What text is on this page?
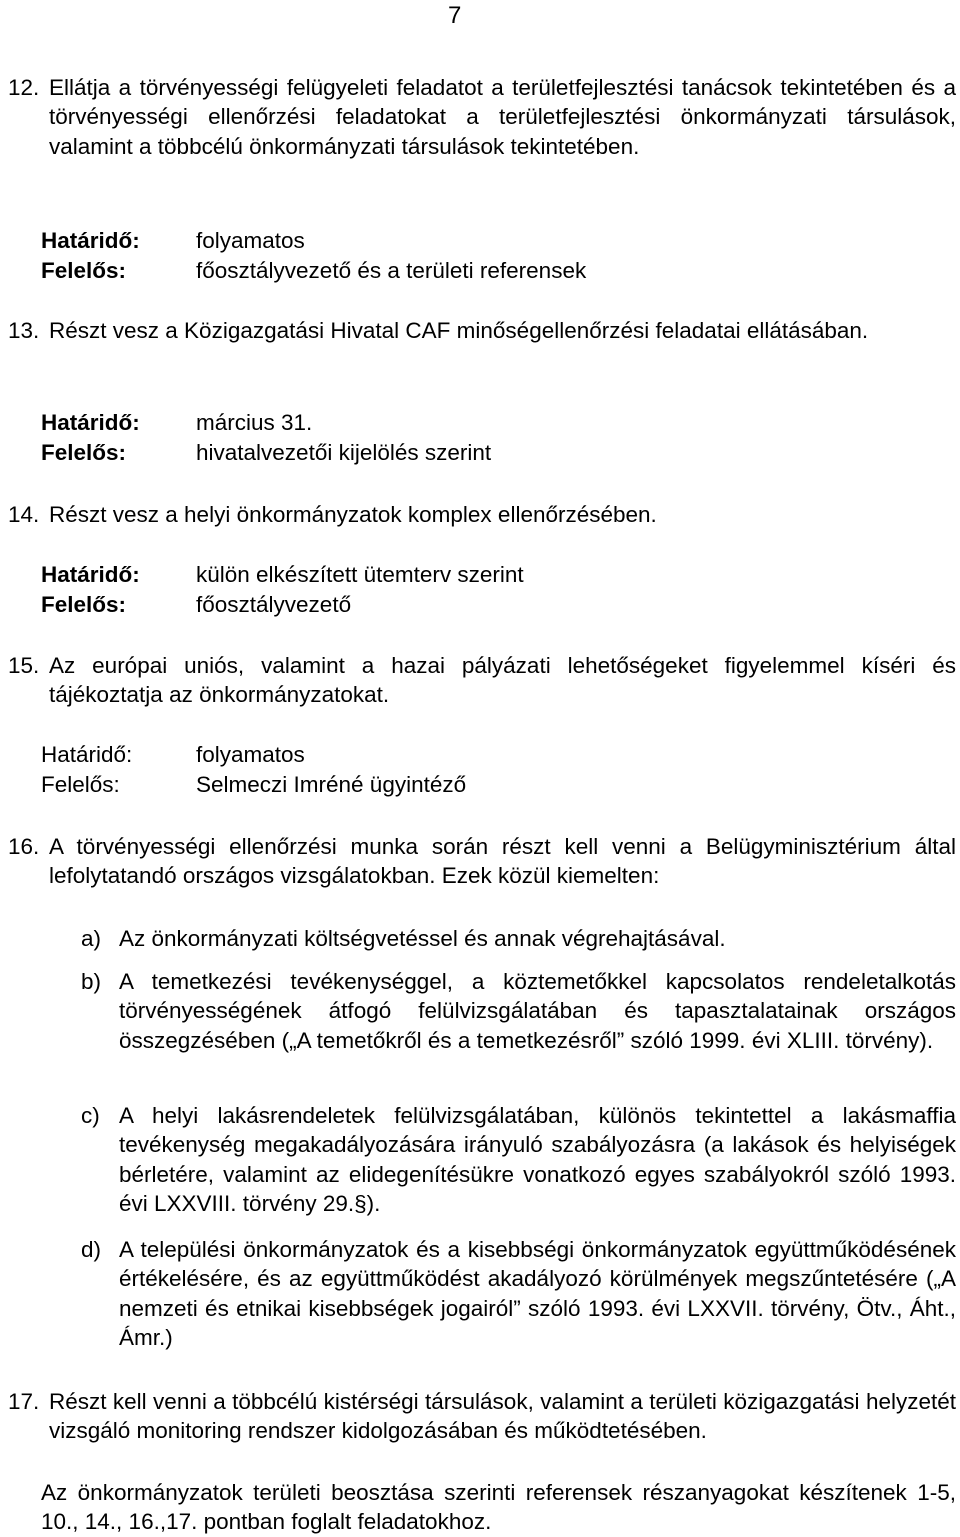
7
12. Ellátja a törvényességi felügyeleti feladatot a területfejlesztési tanácsok tekintetében és a törvényességi ellenőrzési feladatokat a területfejlesztési önkormányzati társulások, valamint a többcélú önkormányzati társulások tekintetében.
Határidő: folyamatos
Felelős:	főosztályvezető és a területi referensek
13. Részt vesz a Közigazgatási Hivatal CAF minőségellenőrzési feladatai ellátásában.
Határidő: március 31.
Felelős:	hivatalvezetői kijelölés szerint
14. Részt vesz a helyi önkormányzatok komplex ellenőrzésében.
Határidő: külön elkészített ütemterv szerint
Felelős:	főosztályvezető
15. Az európai uniós, valamint a hazai pályázati lehetőségeket figyelemmel kíséri és tájékoztatja az önkormányzatokat.
Határidő:	folyamatos
Felelős:	Selmeczi Imréné ügyintéző
16. A törvényességi ellenőrzési munka során részt kell venni a Belügyminisztérium által lefolytatandó országos vizsgálatokban. Ezek közül kiemelten:
a) Az önkormányzati költségvetéssel és annak végrehajtásával.
b) A temetkezési tevékenységgel, a köztemetőkkel kapcsolatos rendeletalkotás törvényességének átfogó felülvizsgálatában és tapasztalatainak országos összegzésében („A temetőkről és a temetkezésről” szóló 1999. évi XLIII. törvény).
c) A helyi lakásrendeletek felülvizsgálatában, különös tekintettel a lakásmaffia tevékenység megakadályozására irányuló szabályozásra (a lakások és helyiségek bérletére, valamint az elidegenítésükre vonatkozó egyes szabályokról szóló 1993. évi LXXVIII. törvény 29.§).
d) A települési önkormányzatok és a kisebbségi önkormányzatok együttműködésének értékelésére, és az együttműködést akadályozó körülmények megszűntetésére („A nemzeti és etnikai kisebbségek jogairól” szóló 1993. évi LXXVII. törvény, Ötv., Áht., Ámr.)
17. Részt kell venni a többcélú kistérségi társulások, valamint a területi közigazgatási helyzetét vizsgáló monitoring rendszer kidolgozásában és működtetésében.
Az önkormányzatok területi beosztása szerinti referensek részanyagokat készítenek 1-5, 10., 14., 16.,17. pontban foglalt feladatokhoz.
